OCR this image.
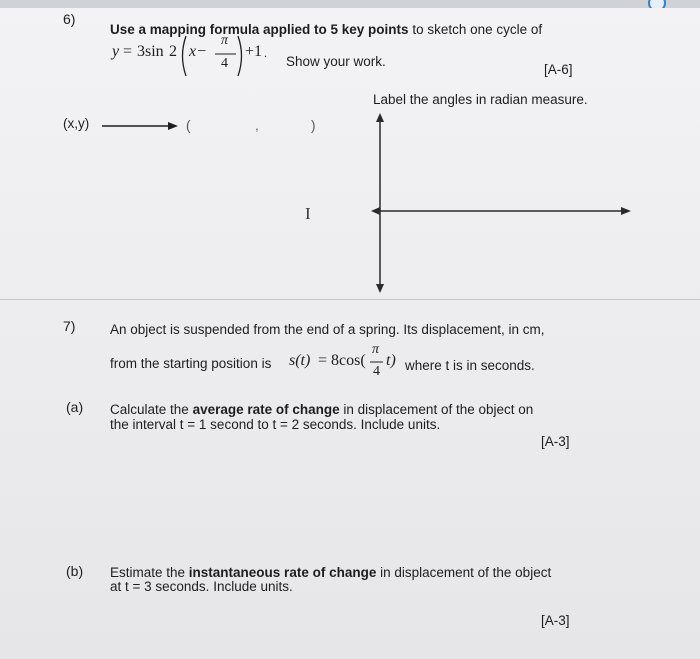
6)
Use a mapping formula applied to 5 key points to sketch one cycle of
y = 3sin 2 x−
π
4
+1 .
Show your work.
[A-6]
Label the angles in radian measure.
(x,y)	(	,	)
I
7)	An object is suspended from the end of a spring. Its displacement, in cm,
from the starting position is s(t) = 8cos(
π
4
t) where t is in seconds.
(a) Calculate the average rate of change in displacement of the object on
the interval t = 1 second to t = 2 seconds. Include units.
[A-3]
(b) Estimate the instantaneous rate of change in displacement of the object
at t = 3 seconds. Include units.
[A-3]
